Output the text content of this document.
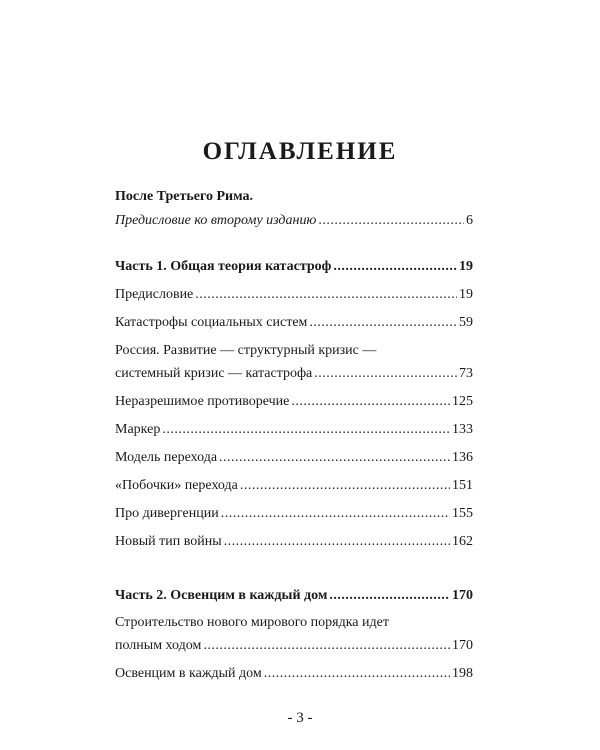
ОГЛАВЛЕНИЕ
После Третьего Рима.
Предисловие ко второму изданию .....	6
Часть 1. Общая теория катастроф .....	19
Предисловие .....	19
Катастрофы социальных систем .....	59
Россия. Развитие — структурный кризис —
системный кризис — катастрофа .....	73
Неразрешимое противоречие .....	125
Маркер .....	133
Модель перехода .....	136
«Побочки» перехода .....	151
Про дивергенции .....	155
Новый тип войны .....	162
Часть 2. Освенцим в каждый дом .....	170
Строительство нового мирового порядка идет
полным ходом .....	170
Освенцим в каждый дом .....	198
- 3 -
